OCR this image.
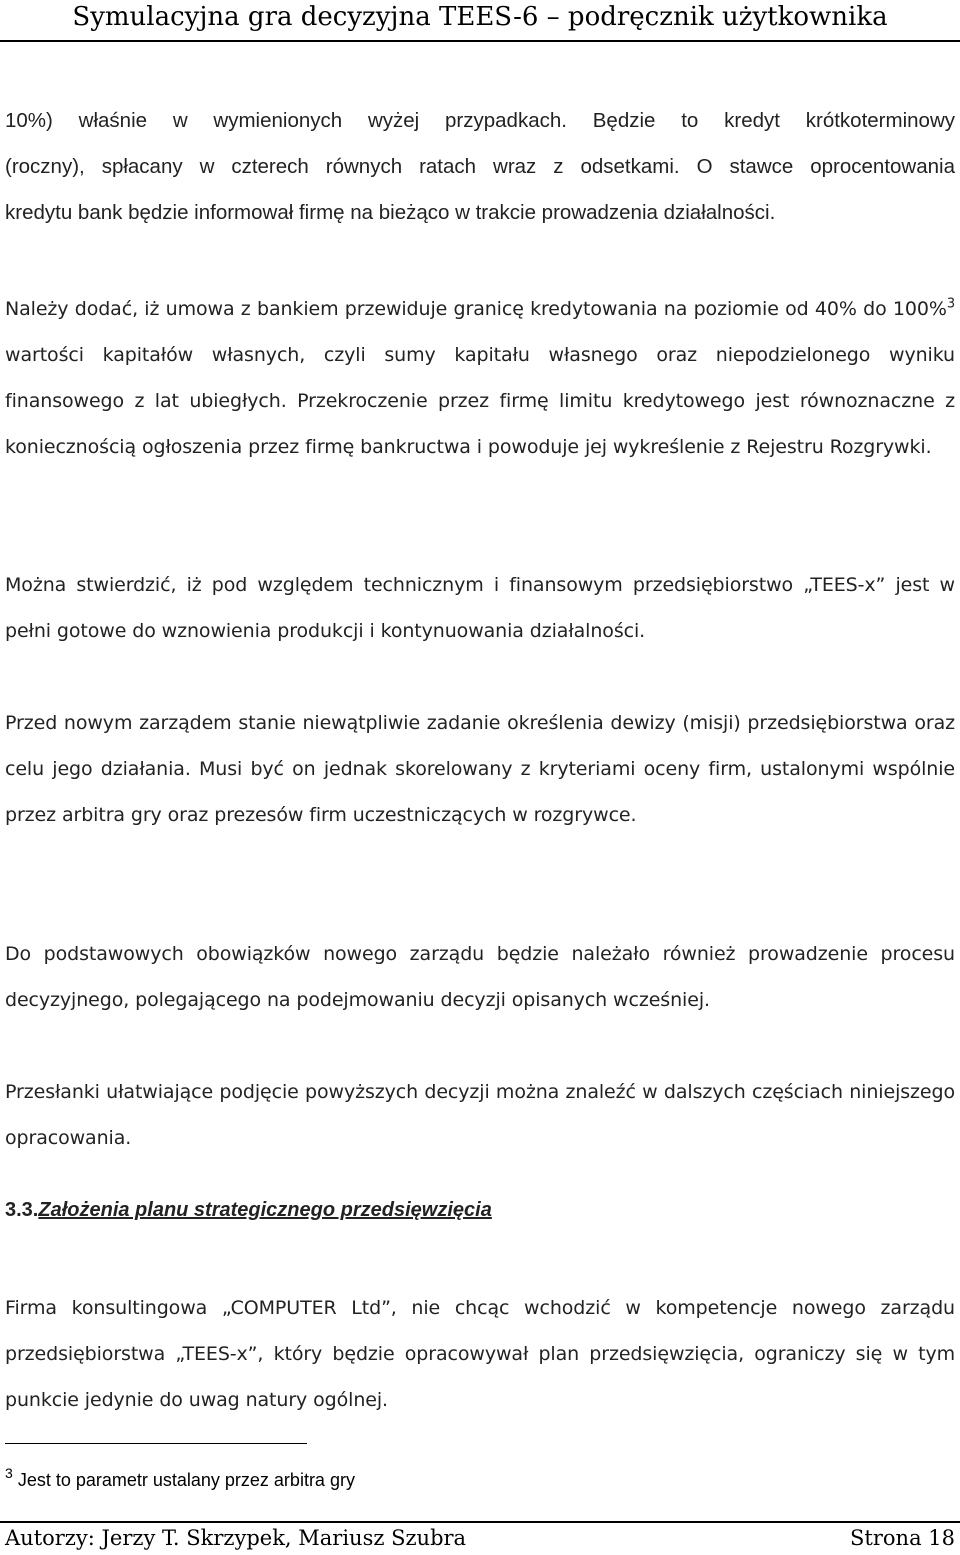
Symulacyjna gra decyzyjna TEES-6 – podręcznik użytkownika
10%) właśnie w wymienionych wyżej przypadkach. Będzie to kredyt krótkoterminowy
(roczny), spłacany w czterech równych ratach wraz z odsetkami. O stawce oprocentowania
kredytu bank będzie informował firmę na bieżąco w trakcie prowadzenia działalności.

Należy dodać, iż umowa z bankiem przewiduje granicę kredytowania na poziomie od 40% do 100%$^3$ wartości kapitałów własnych, czyli sumy kapitału własnego oraz niepodzielonego wyniku finansowego z lat ubiegłych. Przekroczenie przez firmę limitu kredytowego jest równoznaczne z koniecznością ogłoszenia przez firmę bankructwa i powoduje jej wykreślenie z Rejestru Rozgrywki.

Można stwierdzić, iż pod względem technicznym i finansowym przedsiębiorstwo „TEES-x” jest w pełni gotowe do wznowienia produkcji i kontynuowania działalności.

Przed nowym zarządem stanie niewątpliwie zadanie określenia dewizy (misji) przedsiębiorstwa oraz celu jego działania. Musi być on jednak skorelowany z kryteriami oceny firm, ustalonymi wspólnie przez arbitra gry oraz prezesów firm uczestniczących w rozgrywce.

Do podstawowych obowiązków nowego zarządu będzie należało również prowadzenie procesu decyzyjnego, polegającego na podejmowaniu decyzji opisanych wcześniej.

Przesłanki ułatwiające podjęcie powyższych decyzji można znaleźć w dalszych częściach niniejszego opracowania.

3.3.Założenia planu strategicznego przedsięwzięcia

Firma konsultingowa „COMPUTER Ltd”, nie chcąc wchodzić w kompetencje nowego zarządu przedsiębiorstwa „TEES-x”, który będzie opracowywał plan przedsięwzięcia, ograniczy się w tym punkcie jedynie do uwag natury ogólnej.

$^3$ Jest to parametr ustalany przez arbitra gry
Autorzy: Jerzy T. Skrzypek, Mariusz Szubra	Strona 18
